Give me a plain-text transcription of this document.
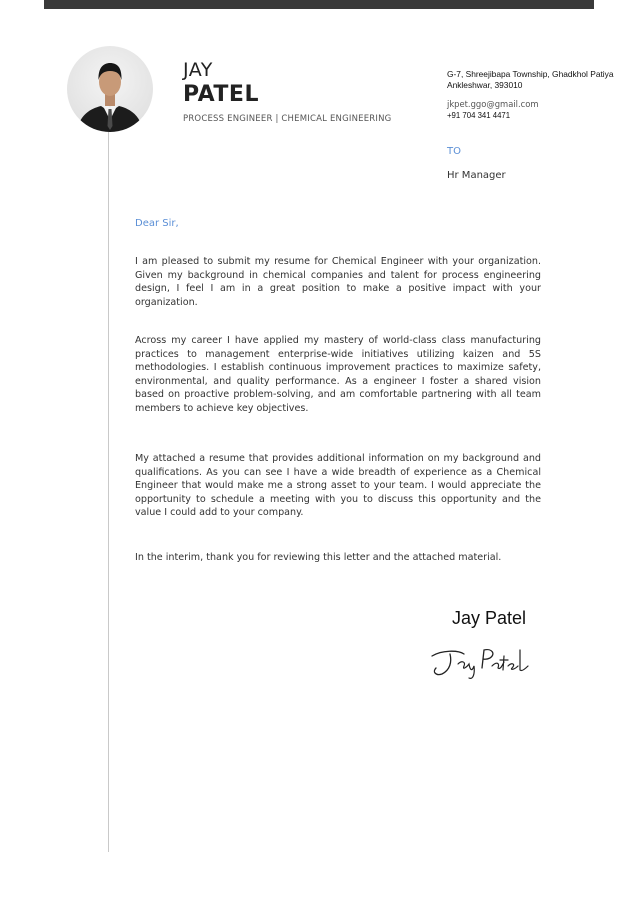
JAY
PATEL
PROCESS ENGINEER | CHEMICAL ENGINEERING
G-7, Shreejibapa Township, Ghadkhol Patiya
Ankleshwar, 393010
jkpet.ggo@gmail.com
+91 704 341 4471
TO
Hr Manager
Dear Sir,

I am pleased to submit my resume for Chemical Engineer with your organization. Given my background in chemical companies and talent for process engineering design, I feel I am in a great position to make a positive impact with your organization.

Across my career I have applied my mastery of world-class class manufacturing practices to management enterprise-wide initiatives utilizing kaizen and 5S methodologies. I establish continuous improvement practices to maximize safety, environmental, and quality performance. As a engineer I foster a shared vision based on proactive problem-solving, and am comfortable partnering with all team members to achieve key objectives.

My attached a resume that provides additional information on my background and qualifications. As you can see I have a wide breadth of experience as a Chemical Engineer that would make me a strong asset to your team. I would appreciate the opportunity to schedule a meeting with you to discuss this opportunity and the value I could add to your company.

In the interim, thank you for reviewing this letter and the attached material.

Jay Patel
